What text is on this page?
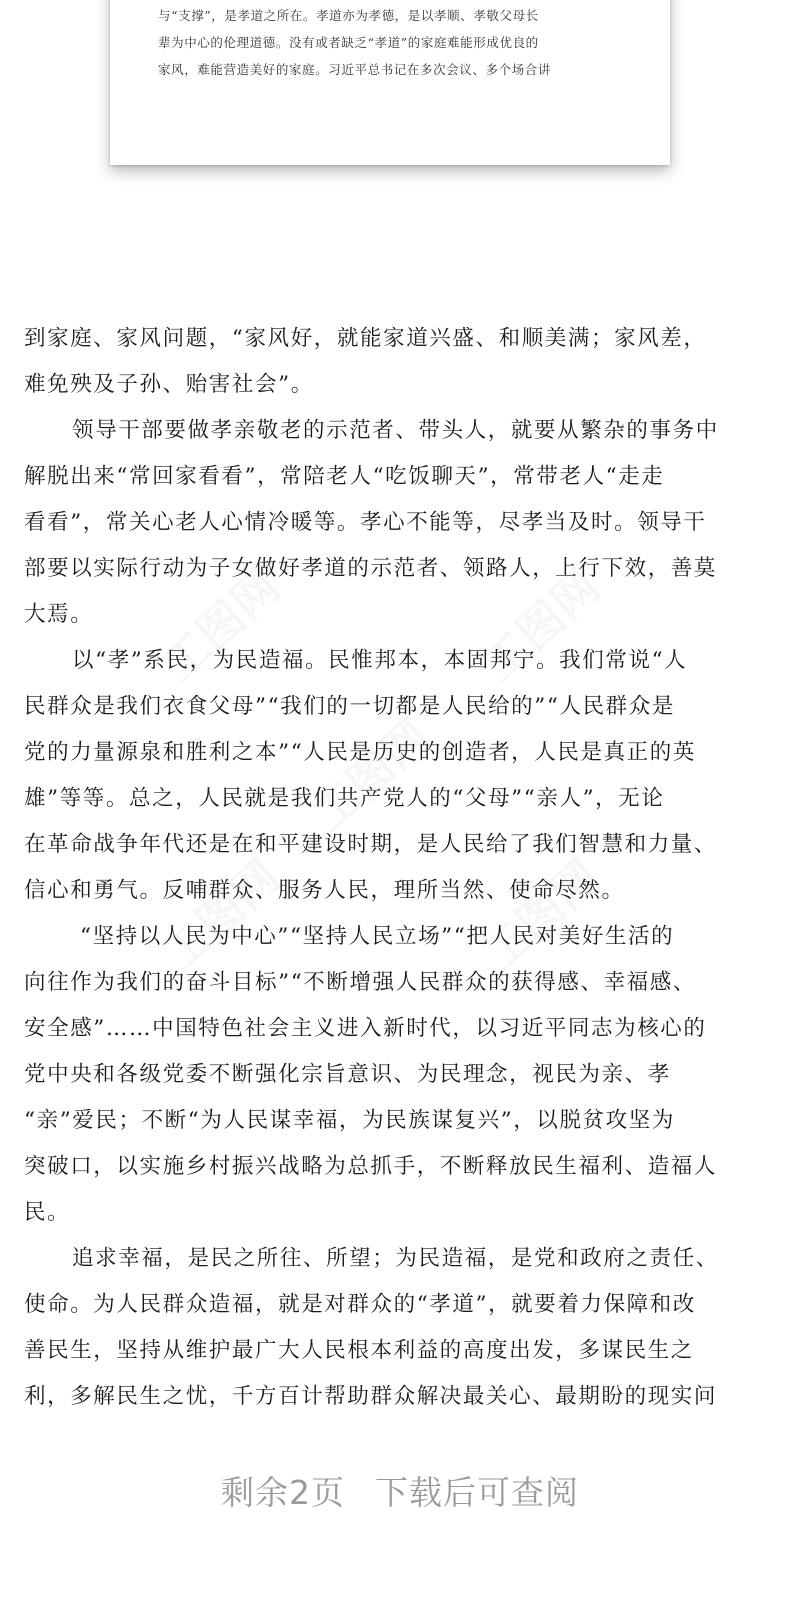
与“支撑”，是孝道之所在。孝道亦为孝德，是以孝顺、孝敬父母长
辈为中心的伦理道德。没有或者缺乏“孝道”的家庭难能形成优良的
家风，难能营造美好的家庭。习近平总书记在多次会议、多个场合讲
到家庭、家风问题，“家风好，就能家道兴盛、和顺美满；家风差，
难免殃及子孙、贻害社会”。
领导干部要做孝亲敬老的示范者、带头人，就要从繁杂的事务中
解脱出来“常回家看看”，常陪老人“吃饭聊天”，常带老人“走走
看看”，常关心老人心情冷暖等。孝心不能等，尽孝当及时。领导干
部要以实际行动为子女做好孝道的示范者、领路人，上行下效，善莫
大焉。
以“孝”系民，为民造福。民惟邦本，本固邦宁。我们常说“人
民群众是我们衣食父母”“我们的一切都是人民给的”“人民群众是
党的力量源泉和胜利之本”“人民是历史的创造者，人民是真正的英
雄”等等。总之，人民就是我们共产党人的“父母”“亲人”，无论
在革命战争年代还是在和平建设时期，是人民给了我们智慧和力量、
信心和勇气。反哺群众、服务人民，理所当然、使命尽然。
“坚持以人民为中心”“坚持人民立场”“把人民对美好生活的
向往作为我们的奋斗目标”“不断增强人民群众的获得感、幸福感、
安全感”……中国特色社会主义进入新时代，以习近平同志为核心的
党中央和各级党委不断强化宗旨意识、为民理念，视民为亲、孝
“亲”爱民；不断“为人民谋幸福，为民族谋复兴”，以脱贫攻坚为
突破口，以实施乡村振兴战略为总抓手，不断释放民生福利、造福人
民。
追求幸福，是民之所往、所望；为民造福，是党和政府之责任、
使命。为人民群众造福，就是对群众的“孝道”，就要着力保障和改
善民生，坚持从维护最广大人民根本利益的高度出发，多谋民生之
利，多解民生之忧，千方百计帮助群众解决最关心、最期盼的现实问
剩余2页 下载后可查阅
